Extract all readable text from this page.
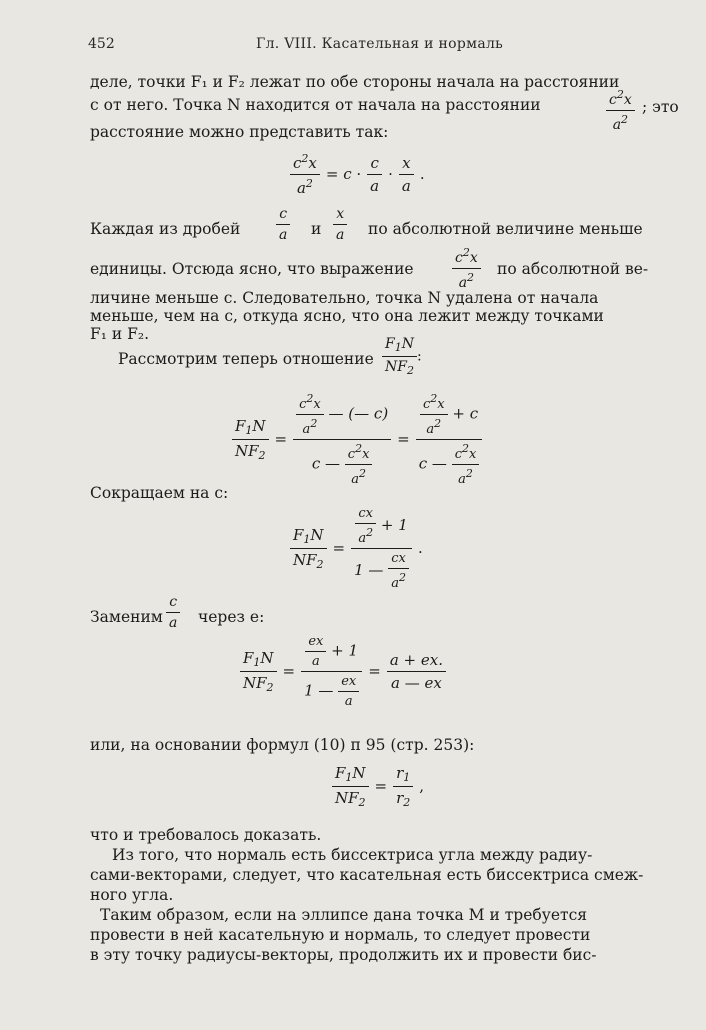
452	Гл. VIII. Касательная и нормаль
деле, точки F₁ и F₂ лежат по обе стороны начала на расстоянии
c от него. Точка N находится от начала на расстоянии	$\frac{c^2x}{a^2}$ ; это
расстояние можно представить так:
$\frac{c^2x}{a^2} = c \cdot \frac{c}{a} \cdot \frac{x}{a}$ .
Каждая из дробей	$\frac{c}{a}$ и $\frac{x}{a}$ по абсолютной величине меньше
единицы. Отсюда ясно, что выражение	$\frac{c^2x}{a^2}$ по абсолютной ве-
личине меньше c. Следовательно, точка N удалена от начала
меньше, чем на c, откуда ясно, что она лежит между точками
F₁ и F₂.
Рассмотрим теперь отношение $\frac{F_1N}{NF_2}$ :
$\frac{F_1N}{NF_2} = \frac{\frac{c^2x}{a^2} — (— c)}{c — \frac{c^2x}{a^2}} = \frac{\frac{c^2x}{a^2} + c}{c — \frac{c^2x}{a^2}}$
Сокращаем на c:
$\frac{F_1N}{NF_2}$ =
$\frac{cx}{a^2} + 1$
1 — $\frac{cx}{a^2}$
.
Заменим $\frac{c}{a}$ через e:
$\frac{F_1N}{NF_2}$ =
$\frac{ex}{a} + 1$
1 — $\frac{ex}{a}$
= $\frac{a + ex.}{a — ex}$
или, на основании формул (10) п 95 (стр. 253):
$\frac{F_1N}{NF_2} = \frac{r_1}{r_2}$ ,
что и требовалось доказать.
Из того, что нормаль есть биссектриса угла между радиу-
сами-векторами, следует, что касательная есть биссектриса смеж-
ного угла.
Таким образом, если на эллипсе дана точка M и требуется
провести в ней касательную и нормаль, то следует провести
в эту точку радиусы-векторы, продолжить их и провести бис-
